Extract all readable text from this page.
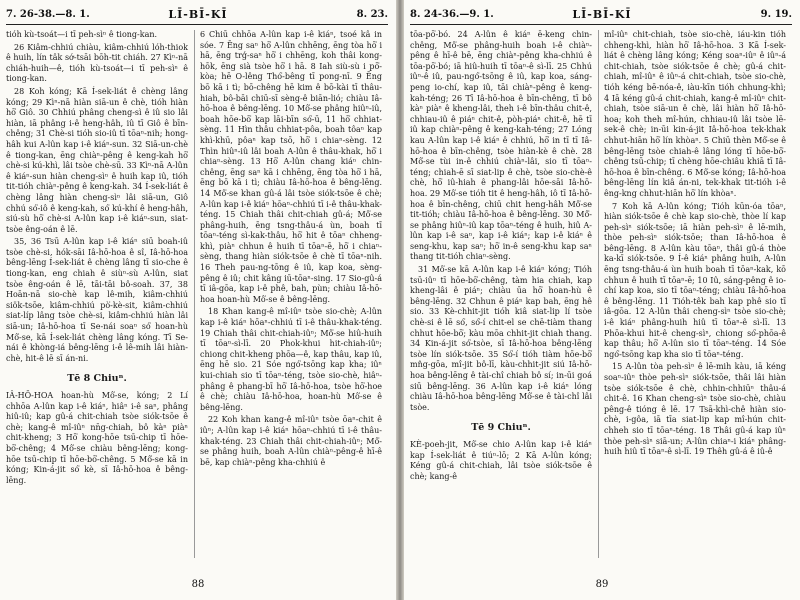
7. 26-38.—8. 1.	LĪ-BĪ-KĪ	8. 23.

tióh kù-tsoát—i tī peh-sìⁿ ê tiong-kan.

26 Kiâm-chhiú chiàu, kiâm-chhiú lóh-thiok ê huih, lín tâk sớ-tsāi bōh-tit chiáh. 27 Kìⁿ-nā chiáh-huih—ê, tióh kù-tsoát—i tī peh-sìⁿ ê tiong-kan.

28 Koh kóng; Kā Í-sek-liát ê chèng lâng kóng; 29 Kìⁿ-nā hiàn siā-un ê chè, tióh hiàn hō͘ Giô. 30 Chhiú phâng cheng-sì ê iû sio lâi hiàn, iā phâng i-ê heng-hâh, iû tī Giô ê bīn-chêng; 31 Chè-si tióh sio-iû tī tōaⁿ-nih; hong-hâh kui A-lûn kap i-ê kiáⁿ-sun. 32 Siā-un-chè ê tiong-kan, ēng chiàⁿ-pêng ê keng-kah hō͘ chè-si kú-khì, lâi tsòe chè-sū. 33 Kìⁿ-nā A-lûn ê kiáⁿ-sun hiàn cheng-sìⁿ ê huih kap iû, tióh tit-tióh chiàⁿ-pêng ê keng-kah. 34 Í-sek-liát ê chèng lâng hiàn cheng-sìⁿ lâi siā-un, Giô chhú só͘-iô ê keng-kah, só͘ kú-khí ê heng-hâh, siú-sù hō͘ chè-si A-lûn kap i-ê kiáⁿ-sun, siat-tsòe êng-oán ê lē.

35, 36 Tsū A-lûn kap i-ê kiáⁿ siū boah-iû tsòe chè-si, hók-sāi Iâ-hō-hoa ê sî, Iâ-hō-hoa bêng-lēng Í-sek-liát ê chèng lâng tī sio-che ê tiong-kan, eng chiah ê siùⁿ-sù A-lûn, siat tsòe êng-oán ê lē, tāi-tāi bô-soah. 37, 38 Hoān-nā sio-chè kap lê-mih, kiâm-chhiú siök-tsōe, kiâm-chhiú pò͘-kè-sit, kiâm-chhiú siat-líp lâng tsòe chè-si, kiâm-chhiú hiàn lâi siā-un; Iâ-hō-hoa tī Se-nái soaⁿ só͘ hoan-hù Mô͘-se, kā Í-sek-liát chèng lâng kóng. Tī Se-nái ê khòng-iá bêng-lēng i-ê lê-mih lâi hiàn-chè, hit-ê lē sī án-ni.

Tē 8 Chiuⁿ.

IÂ-HŌ-HOA hoan-hù Mô͘-se, kóng; 2 Lí chhōa A-lûn kap i-ê kiáⁿ, hiâⁿ i-ê saⁿ, phâng hiû-iû; kap gû-á chit-chiah tsòe siók-tsōe ê chè; kang-ê mî-iûⁿ nn̄g-chiah, bô kàⁿ piàⁿ chit-kheng; 3 Hō͘ kong-hōe tsū-chip tī hōe-bō͘-chêng; 4 Mô͘-se chiàu bêng-lēng; kong-hōe tsū-chip tī hōe-bō͘-chêng. 5 Mô͘-se kā in kóng; Kin-á-jit só͘ kè, sī Iâ-hō-hoa ê bêng-lēng.

6 Chiū chhōa A-lûn kap i-ê kiáⁿ, tsoé kâ in sóe. 7 Ēng saⁿ hō͘ A-lûn chhēng, ēng tòa hō͘ i hā, ēng trǵ-saⁿ hō͘ i chhēng, koh thâi kong-hōk, ēng sià tsòe hō͘ i hā. 8 Iah siù-sù i pō͘-kòa; hē O-lêng Thó͘-bêng tī pong-nī. 9 Ēng bō kā i tì; bō-chêng hē kim ê bō-kài tī thâu-hiah, bô-bāi chiū-sī sèng-ê biān-lió; chiàu Iâ-hō-hoa ê bêng-lēng. 10 Mô͘-se phâng hiûⁿ-iû, boah hōe-bō͘ kap lāi-bīn só͘-ū, 11 hō͘ chhiat-sèng. 11 Hìn thâu chhiat-pôa, boah tôaⁿ kap khì-khū, pôaⁿ kap tsō, hō͘ i chiaⁿ-sèng. 12 Thìn hiûⁿ-iû lâi boah A-lûn ê thâu-khak, hō͘ i chiaⁿ-sèng. 13 Hō͘ A-lûn chang kiáⁿ chin-chêng, ēng saⁿ kā i chhēng, ēng tòa hō͘ i hā, ēng bō kā i tì; chiàu Iâ-hō-hoa ê bêng-lēng. 14 Mô͘-se khan gû-á lâi tsòe siók-tsōe ê chè; A-lûn kap i-ê kiáⁿ hōaⁿ-chhiú tī i-ê thâu-khak-téng. 15 Chiah thâi chit-chiah gû-á; Mô͘-se phâng-huih, ēng tsng-thâu-á ùn, boah tī tōaⁿ-téng sì-kak-thâu, hō͘ hit ê tōaⁿ chheng-khì, piàⁿ chhun ê huih tī tōaⁿ-ē, hō͘ i chiaⁿ-sèng, thang hiàn siók-tsōe ê chè tī tōaⁿ-nih. 16 Theh pau-ng-tōng ê iû, kap koa, sèng-pêng ê iû; chit kâng iū-tōaⁿ-sing. 17 Sio-gû-á tī iâ-gōa, kap i-ê phê, bah, pùn; chiàu Iâ-hō-hoa hoan-hù Mô͘-se ê bêng-lēng.

18 Khan kang-ê mî-iûⁿ tsòe sio-chè; A-lûn kap i-ê kiáⁿ hōaⁿ-chhiú tī i-ê thâu-khak-téng. 19 Chiah thâi chit-chiah-iûⁿ; Mô͘-se hiû-huih tī tōaⁿ-sì-lī. 20 Phok-khui hit-chiah-iûⁿ; chiong chit-kheng phōa—ê, kap thâu, kap iû, ēng hē sio. 21 Sóe ngó͘-tsōng kap kha; iûⁿ kui-chiah sio tī tōaⁿ-téng, tsòe sio-chè, hiâⁿ-phâng ê phang-bī hō͘ Iâ-hō-hoa, tsòe hō͘-hoe ê chè; chiàu Iâ-hō-hoa, hoan-hù Mô͘-se ê bêng-lēng.

22 Koh khan kang-ê mî-iûⁿ tsòe ōaⁿ-chit ê iûⁿ; A-lûn kap i-ê kiáⁿ hōaⁿ-chhiú tī i-ê thâu-khak-téng. 23 Chiah thâi chit-chiah-iûⁿ; Mô͘-se phâng huih, boah A-lûn chiàⁿ-pêng-ê hī-ê bē, kap chiàⁿ-pêng kha-chhiú ê

88
8. 24-36.—9. 1.	LĪ-BĪ-KĪ	9. 19.

tōa-pō͘-bó. 24 A-lûn ê kiáⁿ ē-keng chin-chêng, Mô͘-se phâng-huih boah i-ê chiàⁿ-pêng ê hī-ê bē, ēng chiàⁿ-pêng kha-chhiú ê tōa-pō͘-bó; iā hiû-huih tī tōaⁿ-ê sì-lī. 25 Chhú iûⁿ-ê iû, pau-ngó͘-tsōng ê iû, kap koa, sáng-peng io-chí, kap iû, tāi chiàⁿ-pêng ê keng-kah-téng; 26 Tī Iâ-hō-hoa ê bīn-chêng, tī bô kàⁿ piàⁿ ê kheng-lâi, theh i-ê bīn-thâu chit-ê, chhiau-iû ê piáⁿ chit-ê, pòh-piáⁿ chit-ê, hē tī iû kap chiàⁿ-pêng ê keng-kah-téng; 27 Lóng kau A-lûn kap i-ê kiáⁿ ê chhiú, hō͘ in tī tī Iâ-hō-hoa ê bīn-chêng, tsòe hiàn-kè ê chè. 28 Mô͘-se tùi in-ê chhiú chiàⁿ-lâi, sio tī tōaⁿ-téng; chiah-ē sī siat-lip ê chè, tsòe sio-chè-ê chè, hō͘ iû-hiah ê phang-lâi hōe-sāi Iâ-hō-hoa. 29 Mô͘-se tióh tit ê heng-hâh, iô tī Iâ-hō-hoa ê bīn-chêng, chiū chit heng-hâh Mô͘-se tit-tióh; chiàu Iâ-hō-hoa ê bêng-lēng. 30 Mô͘-se phâng hiûⁿ-iû kap tōaⁿ-téng ê huih, hiû A-lûn kap i-ê saⁿ, kap i-ê kiáⁿ; kap i-ê kiáⁿ ê seng-khu, kap saⁿ; hō͘ in-ê seng-khu kap saⁿ thang tit-tióh chiaⁿ-sèng.

31 Mô͘-se kā A-lûn kap i-ê kiáⁿ kóng; Tióh tsū-iûⁿ tī hōe-bō͘-chêng, tàm hia chiah, kap kheng-lâi ê piáⁿ; chiàu ūa hō͘ hoan-hù ê bêng-lēng. 32 Chhun ê piáⁿ kap bah, ēng hê sio. 33 Kè-chhit-jit tióh kiâ siat-lip lí tsòe chè-si ê lē só͘, só͘-í chit-el se chē-tiàm thang chhut hōe-bō͘; kàu mōa chhit-jit chiah thang. 34 Kin-á-jit só͘-tsòe, sī Iâ-hō-hoa bêng-lēng tsòe lín siók-tsōe. 35 Só͘-í tióh tiàm hōe-bō͘ mn̂g-gōa, mî-jit bô-lī, kàu-chhit-jit siú Iâ-hō-hoa bêng-lēng ê tài-chî chiah bô sí; in-ūi goá siū bêng-lēng. 36 A-lûn kap i-ê kiáⁿ lóng chiàu Iâ-hō-hoa bêng-lēng Mô͘-se ê tài-chî lâi tsòe.

Tē 9 Chiuⁿ.

KÈ-poeh-jit, Mô͘-se chio A-lûn kap i-ê kiáⁿ kap Í-sek-liát ê tiúⁿ-lō; 2 Kā A-lûn kóng; Kéng gû-á chit-chiah, lâi tsòe siók-tsōe ê chè; kang-ê

mî-iûⁿ chit-chiah, tsòe sio-chè, iáu-kin tióh chheng-khì, hiàn hō͘ Iâ-hō-hoa. 3 Kā Í-sek-liát ê chèng lâng kóng; Kéng soaⁿ-iûⁿ ê iûⁿ-á chit-chiah, tsòe siók-tsōe ê chè; gû-á chit-chiah, mî-iûⁿ ê iûⁿ-á chit-chiah, tsòe sio-chè, tióh kéng bē-nóa-ê, iàu-kīn tióh chhung-khì; 4 Iā kéng gû-á chit-chiah, kang-ê mî-iûⁿ chit-chiah, tsòe siā-un ê chè, lâi hiàn hō͘ Iâ-hō-hoa; koh theh mî-hún, chhiau-iû lâi tsòe lē-sek-ê chè; in-ūi kin-á-jit Iâ-hō-hoa tek-khak chhut-hiān hō͘ lín khòaⁿ. 5 Chiū thèn Mô͘-se ê bêng-lēng tsòe chiah-ê lâng lóng tī hōe-bō͘-chêng tsū-chip; tī chèng hōe-chiâu khiā tī Iâ-hō-hoa ê bīn-chêng. 6 Mô͘-se kóng; Iâ-hō-hoa bêng-lēng lín kiâ án-ni, tek-khak tit-tióh i-ê êng-kng chhut-hiān hō͘ lín khòaⁿ.

7 Koh kā A-lûn kóng; Tióh kūn-óa tōaⁿ, hiàn siók-tsōe ê chè kap sio-chè, thòe lí kap peh-sìⁿ siók-tsōe; iā hiàn peh-sìⁿ ê lē-mih, thòe peh-sìⁿ siók-tsōe; than Iâ-hō-hoa ê bêng-lēng. 8 A-lûn kàu tōaⁿ, thâi gû-á thòe ka-kī siók-tsōe. 9 Í-ê kiáⁿ phâng huih, A-lûn ēng tsng-thâu-á ùn huih boah tī tōaⁿ-kak, kō chhun ê huih tī tōaⁿ-ē; 10 Iû, sáng-pêng ê io-chí kap koa, sio tī tōaⁿ-téng; chiàu Iâ-hō-hoa ê bêng-lēng. 11 Tióh-têk bah kap phê sio tī iâ-gōa. 12 A-lûn thâi cheng-sìⁿ tsòe sio-chè; i-ê kiáⁿ phâng-huih hiû tī tōaⁿ-ê sì-lī. 13 Phōa-khui hit-ê cheng-sìⁿ, chiong só͘-phōa-ê kap thâu; hō͘ A-lûn sio tī tōaⁿ-téng. 14 Sóe ngó͘-tsōng kap kha sio tī tōaⁿ-téng.

15 A-lûn tòa peh-sìⁿ ê lē-mih kàu, iā kéng soaⁿ-iûⁿ thòe peh-sìⁿ siók-tsōe, thâi lâi hiàn tsòe siók-tsōe ê chè, chhin-chhiūⁿ thâu-á chit-ê. 16 Khan cheng-sìⁿ tsòe sio-chè, chiàu pêng-ê tióng ê lē. 17 Tsā-khì-chê hiàn sio-chè, i-gôa, iā tīa siat-lip kap mî-hún chit-chheh sio tī tōaⁿ-téng. 18 Thâi gû-á kap iûⁿ thòe peh-sìⁿ siā-un; A-lûn chiaⁿ-i kiáⁿ phâng-huih hiû tī tōaⁿ-ê sì-lī. 19 Thêh gû-á ê iû-ê

89
